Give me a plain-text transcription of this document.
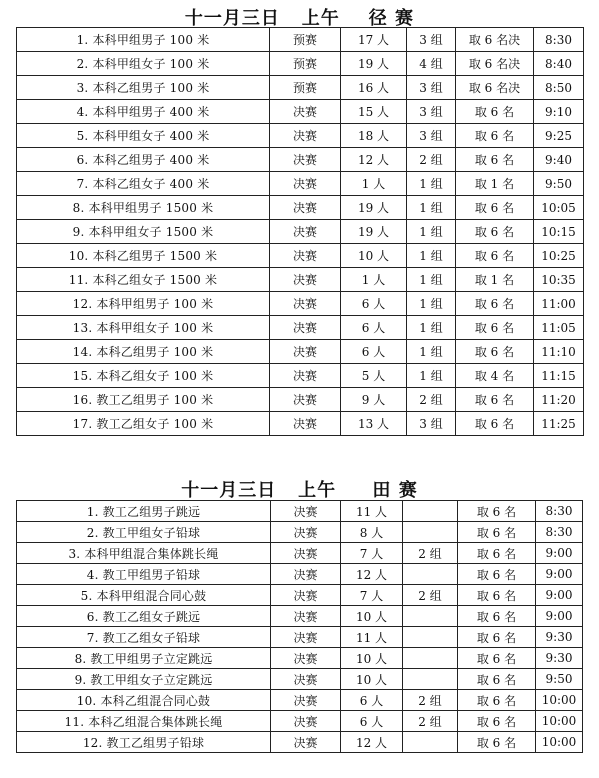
十一月三日   上午    径 赛
1. 本科甲组男子 100 米	预赛	17 人	3 组	取 6 名决	8:30
2. 本科甲组女子 100 米	预赛	19 人	4 组	取 6 名决	8:40
3. 本科乙组男子 100 米	预赛	16 人	3 组	取 6 名决	8:50
4. 本科甲组男子 400 米	决赛	15 人	3 组	取 6 名	9:10
5. 本科甲组女子 400 米	决赛	18 人	3 组	取 6 名	9:25
6. 本科乙组男子 400 米	决赛	12 人	2 组	取 6 名	9:40
7. 本科乙组女子 400 米	决赛	1 人	1 组	取 1 名	9:50
8. 本科甲组男子 1500 米	决赛	19 人	1 组	取 6 名	10:05
9. 本科甲组女子 1500 米	决赛	19 人	1 组	取 6 名	10:15
10. 本科乙组男子 1500 米	决赛	10 人	1 组	取 6 名	10:25
11. 本科乙组女子 1500 米	决赛	1 人	1 组	取 1 名	10:35
12. 本科甲组男子 100 米	决赛	6 人	1 组	取 6 名	11:00
13. 本科甲组女子 100 米	决赛	6 人	1 组	取 6 名	11:05
14. 本科乙组男子 100 米	决赛	6 人	1 组	取 6 名	11:10
15. 本科乙组女子 100 米	决赛	5 人	1 组	取 4 名	11:15
16. 教工乙组男子 100 米	决赛	9 人	2 组	取 6 名	11:20
17. 教工乙组女子 100 米	决赛	13 人	3 组	取 6 名	11:25
十一月三日   上午     田 赛
1. 教工乙组男子跳远	决赛	11 人		取 6 名	8:30
2. 教工甲组女子铅球	决赛	8 人		取 6 名	8:30
3. 本科甲组混合集体跳长绳	决赛	7 人	2 组	取 6 名	9:00
4. 教工甲组男子铅球	决赛	12 人		取 6 名	9:00
5. 本科甲组混合同心鼓	决赛	7 人	2 组	取 6 名	9:00
6. 教工乙组女子跳远	决赛	10 人		取 6 名	9:00
7. 教工乙组女子铅球	决赛	11 人		取 6 名	9:30
8. 教工甲组男子立定跳远	决赛	10 人		取 6 名	9:30
9. 教工甲组女子立定跳远	决赛	10 人		取 6 名	9:50
10. 本科乙组混合同心鼓	决赛	6 人	2 组	取 6 名	10:00
11. 本科乙组混合集体跳长绳	决赛	6 人	2 组	取 6 名	10:00
12. 教工乙组男子铅球	决赛	12 人		取 6 名	10:00
